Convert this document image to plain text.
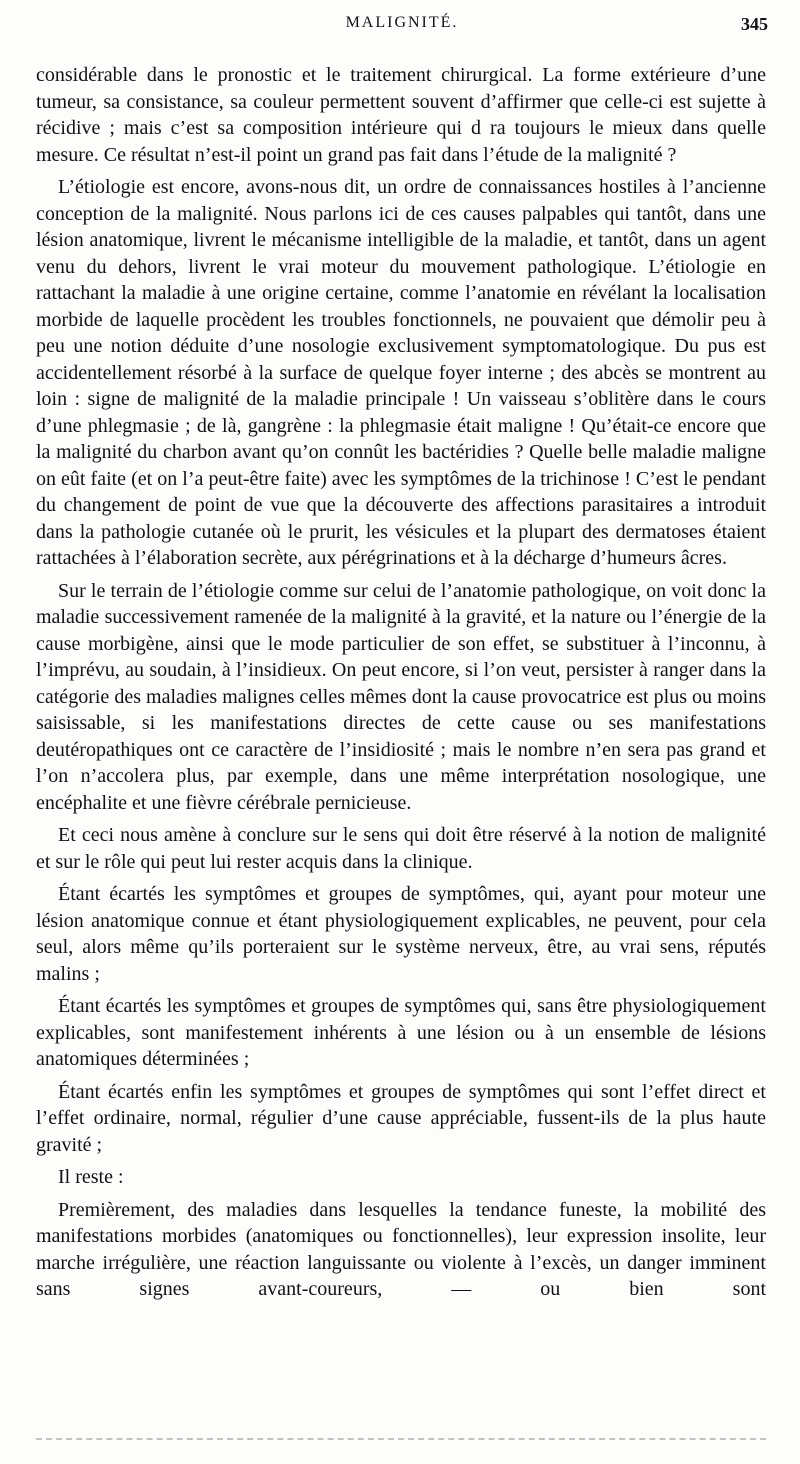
MALIGNITÉ.	345

considérable dans le pronostic et le traitement chirurgical. La forme extérieure d’une tumeur, sa consistance, sa couleur permettent souvent d’affirmer que celle-ci est sujette à récidive ; mais c’est sa composition intérieure qui d ra toujours le mieux dans quelle mesure. Ce résultat n’est-il point un grand pas fait dans l’étude de la malignité ?

L’étiologie est encore, avons-nous dit, un ordre de connaissances hostiles à l’ancienne conception de la malignité. Nous parlons ici de ces causes palpables qui tantôt, dans une lésion anatomique, livrent le mécanisme intelligible de la maladie, et tantôt, dans un agent venu du dehors, livrent le vrai moteur du mouvement pathologique. L’étiologie en rattachant la maladie à une origine certaine, comme l’anatomie en révélant la localisation morbide de laquelle procèdent les troubles fonctionnels, ne pouvaient que démolir peu à peu une notion déduite d’une nosologie exclusivement symptomatologique. Du pus est accidentellement résorbé à la surface de quelque foyer interne ; des abcès se montrent au loin : signe de malignité de la maladie principale ! Un vaisseau s’oblitère dans le cours d’une phlegmasie ; de là, gangrène : la phlegmasie était maligne ! Qu’était-ce encore que la malignité du charbon avant qu’on connût les bactéridies ? Quelle belle maladie maligne on eût faite (et on l’a peut-être faite) avec les symptômes de la trichinose ! C’est le pendant du changement de point de vue que la découverte des affections parasitaires a introduit dans la pathologie cutanée où le prurit, les vésicules et la plupart des dermatoses étaient rattachées à l’élaboration secrète, aux pérégrinations et à la décharge d’humeurs âcres.

Sur le terrain de l’étiologie comme sur celui de l’anatomie pathologique, on voit donc la maladie successivement ramenée de la malignité à la gravité, et la nature ou l’énergie de la cause morbigène, ainsi que le mode particulier de son effet, se substituer à l’inconnu, à l’imprévu, au soudain, à l’insidieux. On peut encore, si l’on veut, persister à ranger dans la catégorie des maladies malignes celles mêmes dont la cause provocatrice est plus ou moins saisissable, si les manifestations directes de cette cause ou ses manifestations deutéropathiques ont ce caractère de l’insidiosité ; mais le nombre n’en sera pas grand et l’on n’accolera plus, par exemple, dans une même interprétation nosologique, une encéphalite et une fièvre cérébrale pernicieuse.

Et ceci nous amène à conclure sur le sens qui doit être réservé à la notion de malignité et sur le rôle qui peut lui rester acquis dans la clinique.

Étant écartés les symptômes et groupes de symptômes, qui, ayant pour moteur une lésion anatomique connue et étant physiologiquement explicables, ne peuvent, pour cela seul, alors même qu’ils porteraient sur le système nerveux, être, au vrai sens, réputés malins ;

Étant écartés les symptômes et groupes de symptômes qui, sans être physiologiquement explicables, sont manifestement inhérents à une lésion ou à un ensemble de lésions anatomiques déterminées ;

Étant écartés enfin les symptômes et groupes de symptômes qui sont l’effet direct et l’effet ordinaire, normal, régulier d’une cause appréciable, fussent-ils de la plus haute gravité ;

Il reste :

Premièrement, des maladies dans lesquelles la tendance funeste, la mobilité des manifestations morbides (anatomiques ou fonctionnelles), leur expression insolite, leur marche irrégulière, une réaction languissante ou violente à l’excès, un danger imminent sans signes avant-coureurs, — ou bien sont
